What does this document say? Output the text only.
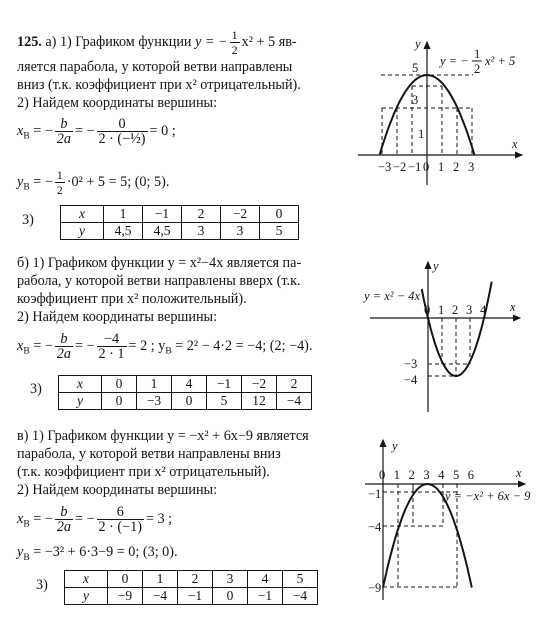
125. а) 1) Графиком функции y = − $\frac{1}{2} x^2 + 5$ яв-
ляется парабола, у которой ветви направлены
вниз (т.к. коэффициент при x² отрицательный).
2) Найдем координаты вершины:
$x_В$ = − $\frac{b}{2a}$ = − $\frac{0}{\text{2 · (−½)}} = 0$ ;
$y_В$ = − $\frac{1}{2} \cdot 0^2 + 5 = 5$; (0; 5).
3)	x	1	−1	2	−2	0
y	4,5	4,5	3	3	5
б) 1) Графиком функции y = x²−4x является па-
рабола, у которой ветви направлены вверх (т.к.
коэффициент при x² положительный).
2) Найдем координаты вершины:
$x_В$ = − $\frac{b}{2a}$ = − $\frac{-4}{2 \cdot 1} = 2$ ; $y_В = 2^2 - 4\cdot 2 = -4$; (2; −4).
3)	x	0	1	4	−1	−2	2
y	0	−3	0	5	12	−4
в) 1) Графиком функции y = −x² + 6x−9 является
парабола, у которой ветви направлены вниз
(т.к. коэффициент при x² отрицательный).
2) Найдем координаты вершины:
$x_В$ = − $\frac{b}{2a}$ = − $\frac{6}{2 \cdot (-1)} = 3$ ;
$y_В = -3^2 + 6\cdot 3-9 = 0$; (3; 0).
3)	x	0	1	2	3	4	5
y	−9	−4	−1	0	−1	−4
y
x
5
3
1
−3 −2 −1 0 1 2 3
y = − 1
2
x² + 5
y
x
y = x² − 4x
−3
−4
0 1 2 3 4
y
x
−1
−4
−9
y = −x² + 6x − 9
0 1 2 3 4 5 6
